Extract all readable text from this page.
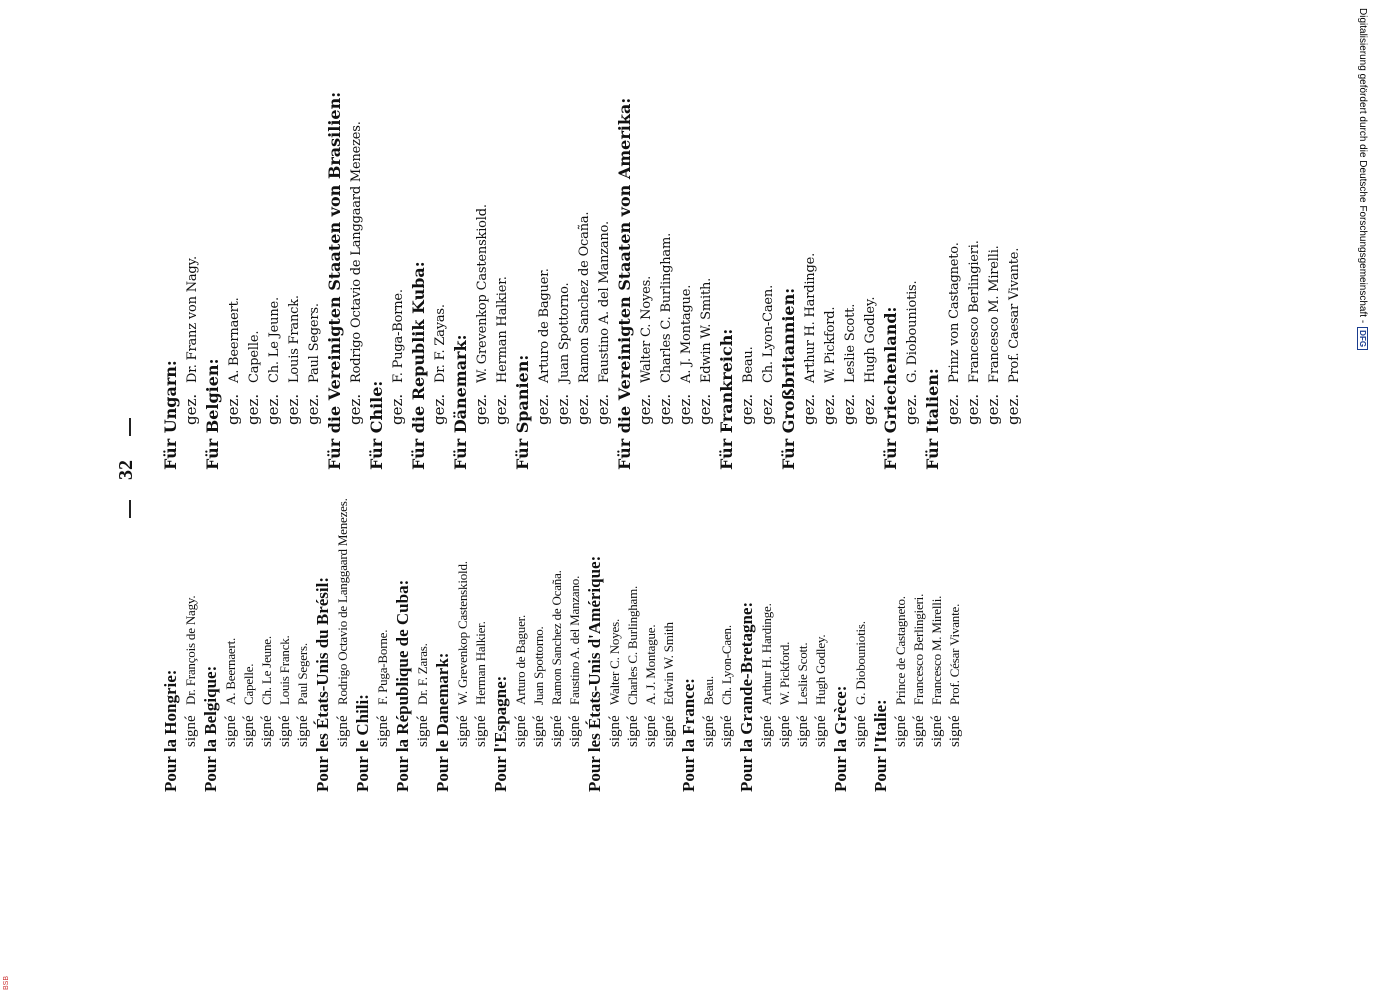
32
Pour la Hongrie: signéDr. François de Nagy.
Pour la Belgique: signéA. Beernaert.
signéCapelle.
signéCh. Le Jeune.
signéLouis Franck.
signéPaul Segers. Pour les États-Unis du Brésil: signéRodrigo Octavio de Langgaard Menezes.
Pour le Chili: signéF. Puga-Borne. Pour la République de Cuba: signéDr. F. Zaras. Pour le Danemark: signéW. Grevenkop Castenskiold.
signéHerman Halkier.
Pour l'Espagne: signéArturo de Baguer.
signéJuan Spottorno.
signéRamon Sanchez de Ocaña.
signéFaustino A. del Manzano. Pour les États-Unis d'Amérique: signéWalter C. Noyes.
signéCharles C. Burlingham.
signéA. J. Montague.
signéEdwin W. Smith
Pour la France: signéBeau.
signéCh. Lyon-Caen. Pour la Grande-Bretagne: signéArthur H. Hardinge.
signéW. Pickford.
signéLeslie Scott.
signéHugh Godley.
Pour la Grèce: signéG. Diobouniotis.
Pour l'Italie: signéPrince de Castagneto.
signéFrancesco Berlingieri.
signéFrancesco M. Mirelli.
signéProf. César Vivante.
Für Ungarn: gez.Dr. Franz von Nagy.
Für Belgien: gez.A. Beernaert.
gez.Capelle.
gez.Ch. Le Jeune.
gez.Louis Franck.
gez.Paul Segers. Für die Vereinigten Staaten von Brasilien: gez.Rodrigo Octavio de Langgaard Menezes.
Für Chile: gez.F. Puga-Borne. Für die Republik Kuba: gez.Dr. F. Zayas. Für Dänemark: gez.W. Grevenkop Castenskiold.
gez.Herman Halkier.
Für Spanien: gez.Arturo de Baguer.
gez.Juan Spottorno.
gez.Ramon Sanchez de Ocaña.
gez.Faustino A. del Manzano. Für die Vereinigten Staaten von Amerika: gez.Walter C. Noyes.
gez.Charles C. Burlingham.
gez.A. J. Montague.
gez.Edwin W. Smith. Für Frankreich: gez.Beau.
gez.Ch. Lyon-Caen. Für Großbritannien: gez.Arthur H. Hardinge.
gez.W. Pickford.
gez.Leslie Scott.
gez.Hugh Godley. Für Griechenland: gez.G. Diobouniotis.
Für Italien: gez.Prinz von Castagneto.
gez.Francesco Berlingieri.
gez.Francesco M. Mirelli.
gez.Prof. Caesar Vivante.	Digitalisierung gefördert durch die Deutsche Forschungsgemeinschaft -DFG
BSB
